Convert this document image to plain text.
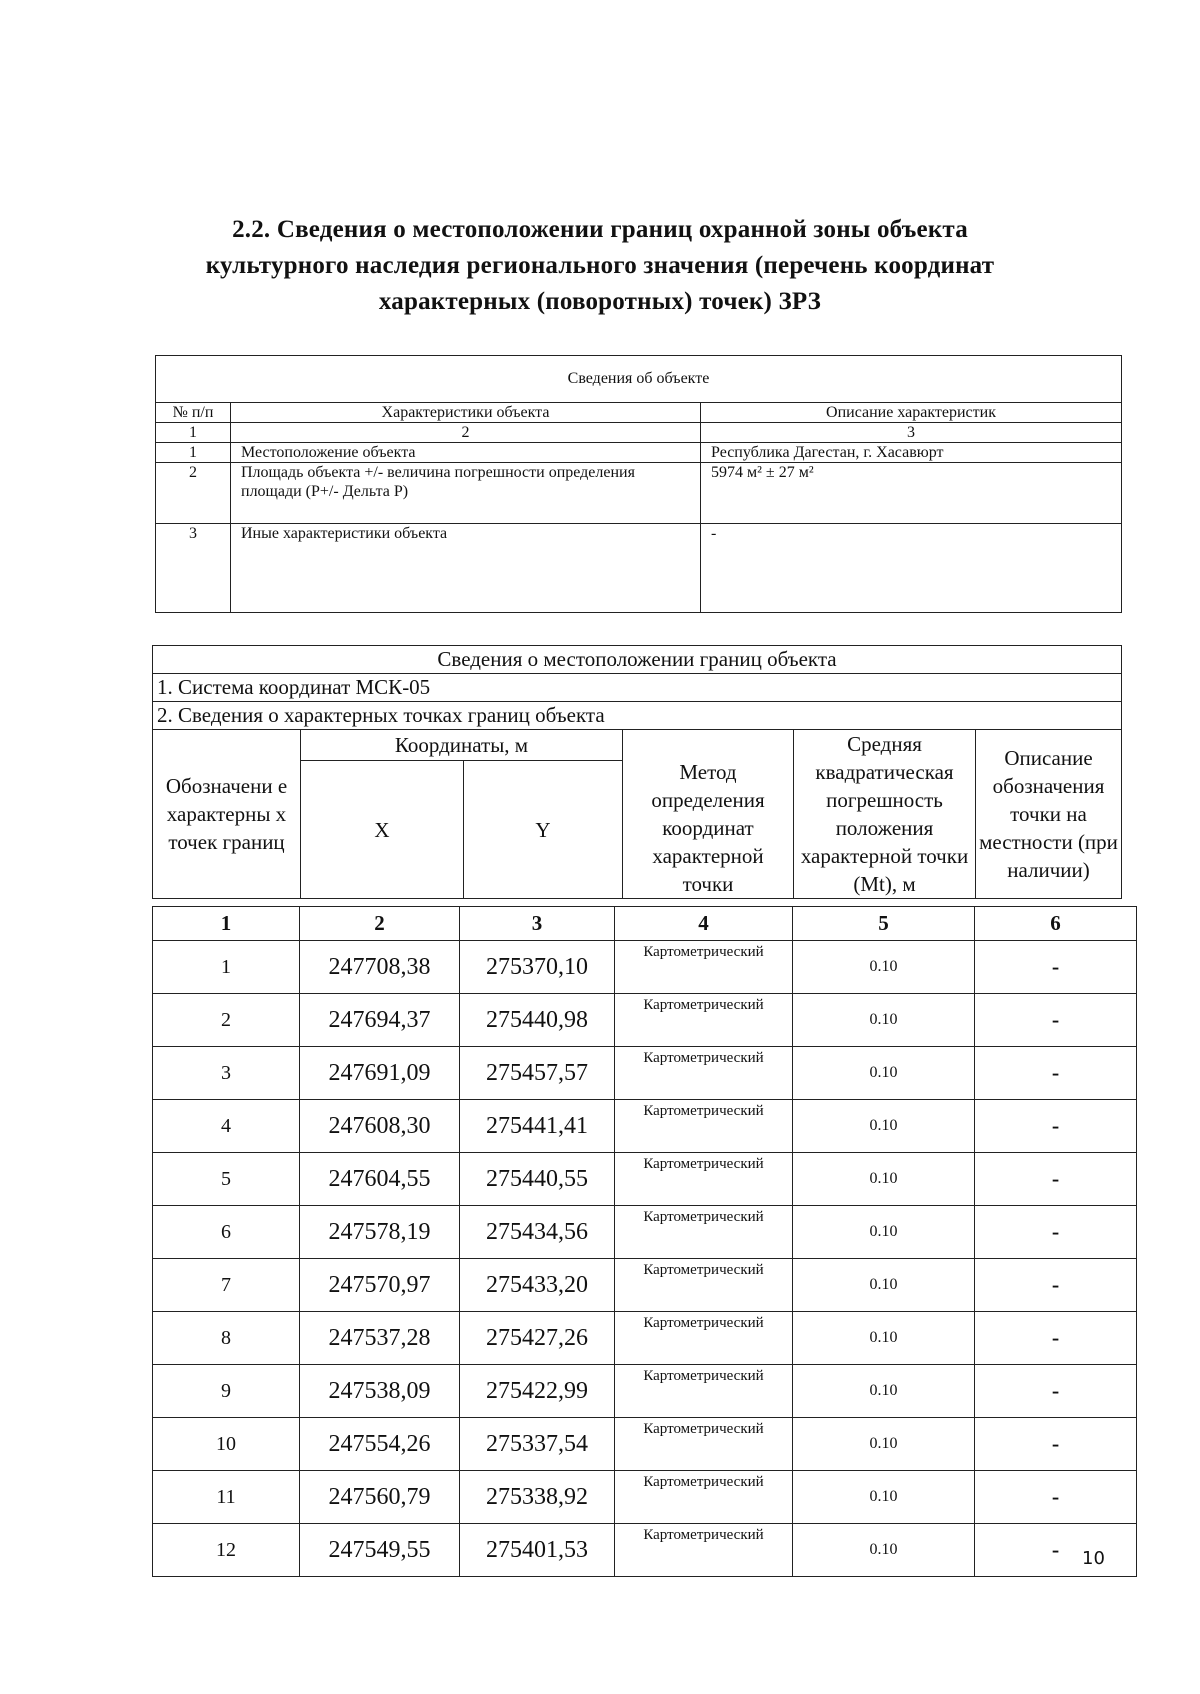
2.2. Сведения о местоположении границ охранной зоны объекта
культурного наследия регионального значения (перечень координат
характерных (поворотных) точек) ЗРЗ
Сведения об объекте		
№ п/п	Характеристики объекта	Описание характеристик
1	2	3
1	Местоположение объекта	Республика Дагестан, г. Хасавюрт
2	Площадь объекта +/- величина погрешности определения площади (P+/- Дельта P)	5974 м² ± 27 м²
3	Иные характеристики объекта	-
Сведения о местоположении границ объекта					
1. Система координат МСК-05					
2. Сведения о характерных точках границ объекта					
Обозначени е характерны х точек границ	Координаты, м		Метод определения координат характерной точки	Средняя квадратическая погрешность положения характерной точки (Mt), м	Описание обозначения точки на местности (при наличии)
	X	Y			
1	2	3	4	5	6
1	247708,38	275370,10	Картометрический	0.10	-
2	247694,37	275440,98	Картометрический	0.10	-
3	247691,09	275457,57	Картометрический	0.10	-
4	247608,30	275441,41	Картометрический	0.10	-
5	247604,55	275440,55	Картометрический	0.10	-
6	247578,19	275434,56	Картометрический	0.10	-
7	247570,97	275433,20	Картометрический	0.10	-
8	247537,28	275427,26	Картометрический	0.10	-
9	247538,09	275422,99	Картометрический	0.10	-
10	247554,26	275337,54	Картометрический	0.10	-
11	247560,79	275338,92	Картометрический	0.10	-
12	247549,55	275401,53	Картометрический	0.10	- 10
